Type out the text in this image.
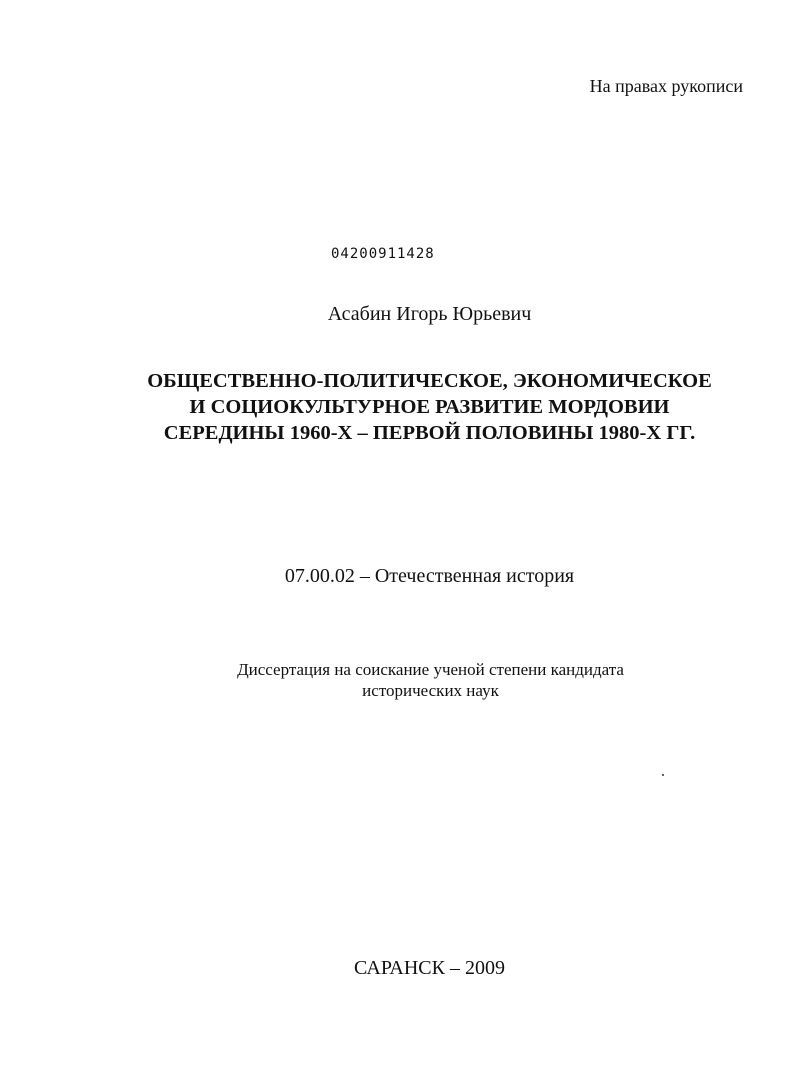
На правах рукописи
04200911428
Асабин Игорь Юрьевич
ОБЩЕСТВЕННО-ПОЛИТИЧЕСКОЕ, ЭКОНОМИЧЕСКОЕ
И СОЦИОКУЛЬТУРНОЕ РАЗВИТИЕ МОРДОВИИ
СЕРЕДИНЫ 1960-Х – ПЕРВОЙ ПОЛОВИНЫ 1980-Х ГГ.
07.00.02 – Отечественная история
Диссертация на соискание ученой степени кандидата
исторических наук
САРАНСК – 2009
